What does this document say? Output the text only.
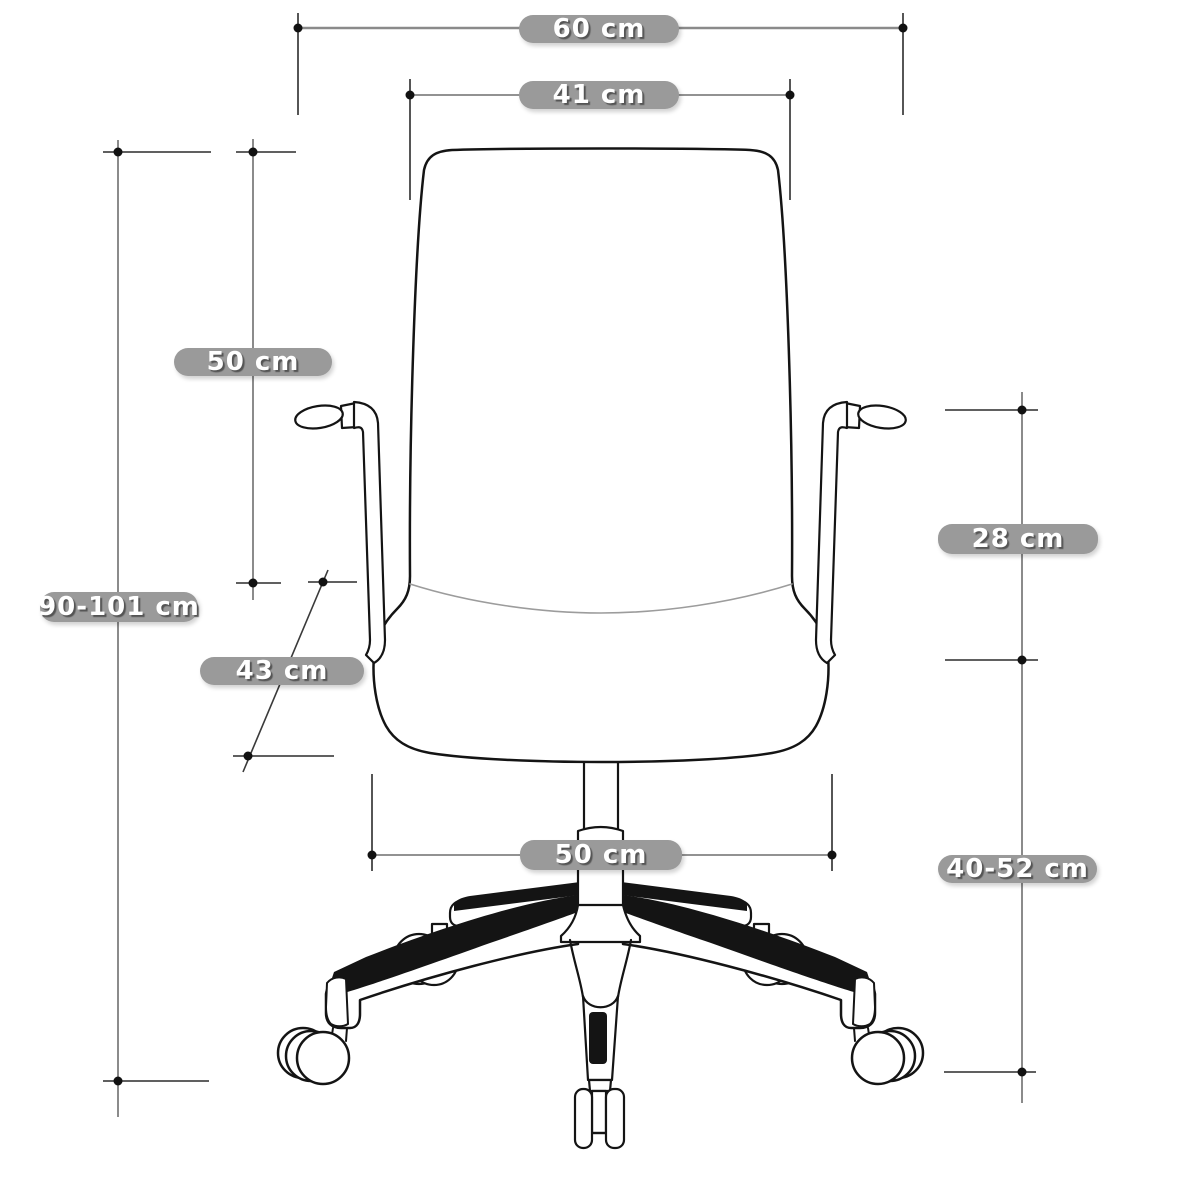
60 cm
41 cm
50 cm
90-101 cm
43 cm
28 cm
50 cm	40-52 cm
